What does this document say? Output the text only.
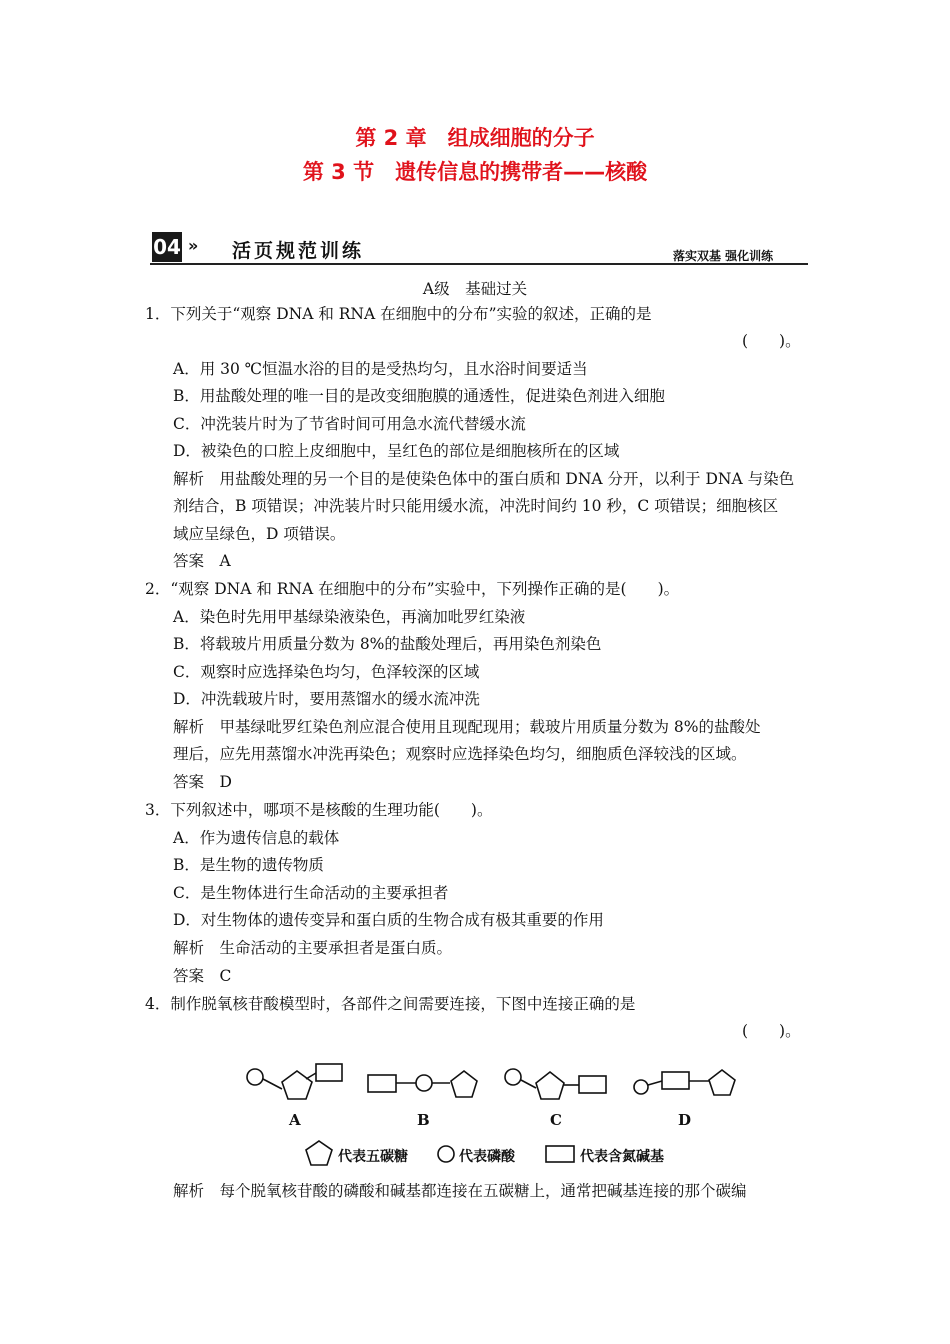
第 2 章　组成细胞的分子
第 3 节　遗传信息的携带者——核酸
04 » 活页规范训练	落实双基 强化训练
A级　基础过关
1．下列关于“观察 DNA 和 RNA 在细胞中的分布”实验的叙述，正确的是
(　　)。
A．用 30 ℃恒温水浴的目的是受热均匀，且水浴时间要适当
B．用盐酸处理的唯一目的是改变细胞膜的通透性，促进染色剂进入细胞
C．冲洗装片时为了节省时间可用急水流代替缓水流
D．被染色的口腔上皮细胞中，呈红色的部位是细胞核所在的区域
解析　用盐酸处理的另一个目的是使染色体中的蛋白质和 DNA 分开，以利于 DNA 与染色
剂结合，B 项错误；冲洗装片时只能用缓水流，冲洗时间约 10 秒，C 项错误；细胞核区
域应呈绿色，D 项错误。
答案　A
2．“观察 DNA 和 RNA 在细胞中的分布”实验中，下列操作正确的是(　　)。
A．染色时先用甲基绿染液染色，再滴加吡罗红染液
B．将载玻片用质量分数为 8%的盐酸处理后，再用染色剂染色
C．观察时应选择染色均匀，色泽较深的区域
D．冲洗载玻片时，要用蒸馏水的缓水流冲洗
解析　甲基绿吡罗红染色剂应混合使用且现配现用；载玻片用质量分数为 8%的盐酸处
理后，应先用蒸馏水冲洗再染色；观察时应选择染色均匀，细胞质色泽较浅的区域。
答案　D
3．下列叙述中，哪项不是核酸的生理功能(　　)。
A．作为遗传信息的载体
B．是生物的遗传物质
C．是生物体进行生命活动的主要承担者
D．对生物体的遗传变异和蛋白质的生物合成有极其重要的作用
解析　生命活动的主要承担者是蛋白质。
答案　C
4．制作脱氧核苷酸模型时，各部件之间需要连接，下图中连接正确的是
(　　)。
A	B	C	D
代表五碳糖	代表磷酸	代表含氮碱基
解析　每个脱氧核苷酸的磷酸和碱基都连接在五碳糖上，通常把碱基连接的那个碳编
